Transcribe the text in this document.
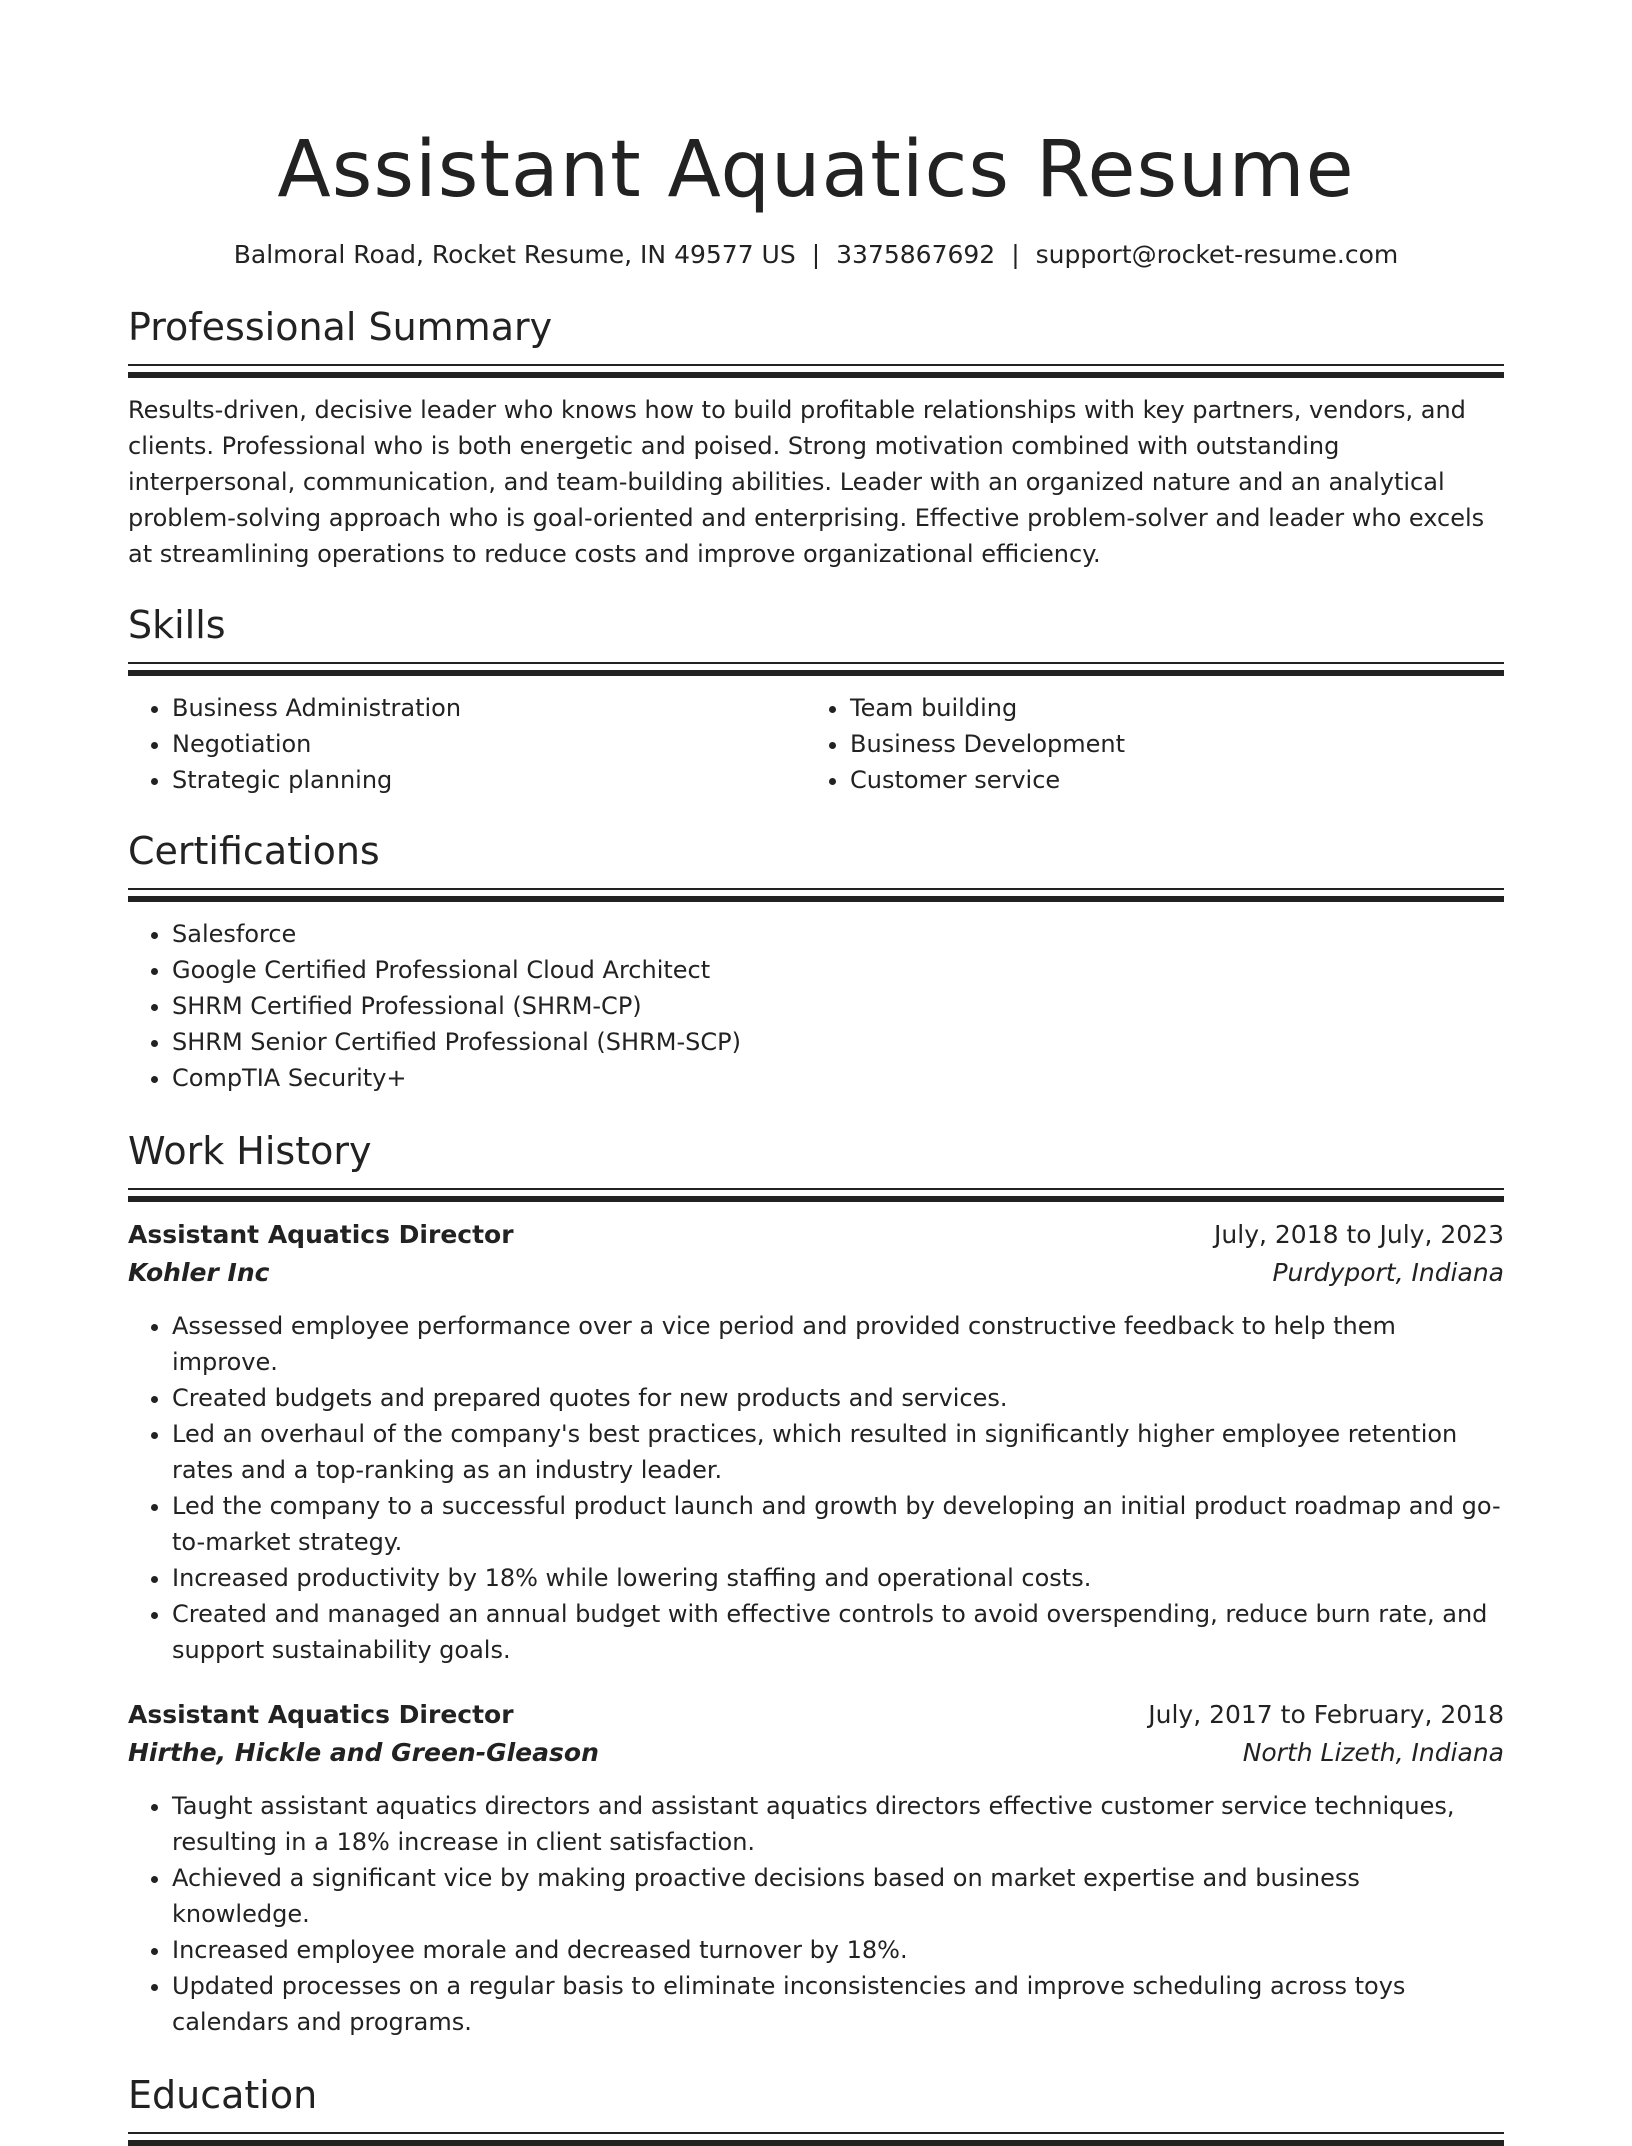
Assistant Aquatics Resume
Balmoral Road, Rocket Resume, IN 49577 US | 3375867692 | support@rocket-resume.com
Professional Summary
Results-driven, decisive leader who knows how to build profitable relationships with key partners, vendors, and clients. Professional who is both energetic and poised. Strong motivation combined with outstanding interpersonal, communication, and team-building abilities. Leader with an organized nature and an analytical problem-solving approach who is goal-oriented and enterprising. Effective problem-solver and leader who excels at streamlining operations to reduce costs and improve organizational efficiency.
Skills
• Business Administration
• Negotiation
• Strategic planning
• Team building
• Business Development
• Customer service
Certifications
• Salesforce
• Google Certified Professional Cloud Architect
• SHRM Certified Professional (SHRM-CP)
• SHRM Senior Certified Professional (SHRM-SCP)
• CompTIA Security+
Work History
Assistant Aquatics Director	July, 2018 to July, 2023
Kohler Inc	Purdyport, Indiana
• Assessed employee performance over a vice period and provided constructive feedback to help them improve.
• Created budgets and prepared quotes for new products and services.
• Led an overhaul of the company's best practices, which resulted in significantly higher employee retention rates and a top-ranking as an industry leader.
• Led the company to a successful product launch and growth by developing an initial product roadmap and go-to-market strategy.
• Increased productivity by 18% while lowering staffing and operational costs.
• Created and managed an annual budget with effective controls to avoid overspending, reduce burn rate, and support sustainability goals.
Assistant Aquatics Director	July, 2017 to February, 2018
Hirthe, Hickle and Green-Gleason	North Lizeth, Indiana
• Taught assistant aquatics directors and assistant aquatics directors effective customer service techniques, resulting in a 18% increase in client satisfaction.
• Achieved a significant vice by making proactive decisions based on market expertise and business knowledge.
• Increased employee morale and decreased turnover by 18%.
• Updated processes on a regular basis to eliminate inconsistencies and improve scheduling across toys calendars and programs.
Education
